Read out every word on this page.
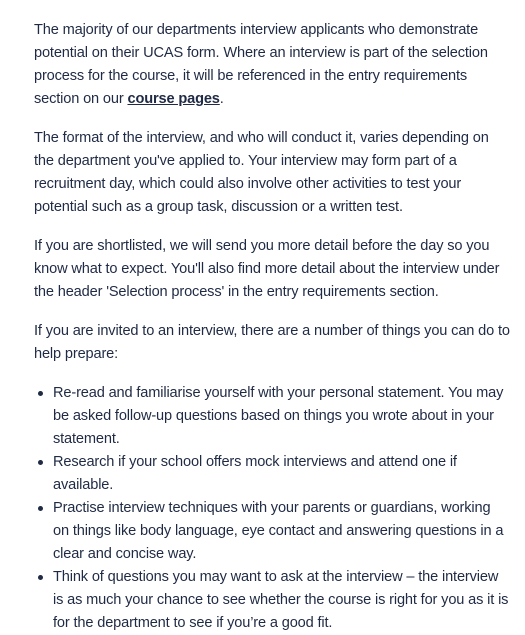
The majority of our departments interview applicants who demonstrate potential on their UCAS form. Where an interview is part of the selection process for the course, it will be referenced in the entry requirements section on our course pages.

The format of the interview, and who will conduct it, varies depending on the department you've applied to. Your interview may form part of a recruitment day, which could also involve other activities to test your potential such as a group task, discussion or a written test.

If you are shortlisted, we will send you more detail before the day so you know what to expect. You'll also find more detail about the interview under the header 'Selection process' in the entry requirements section.

If you are invited to an interview, there are a number of things you can do to help prepare:

Re-read and familiarise yourself with your personal statement. You may be asked follow-up questions based on things you wrote about in your statement.
Research if your school offers mock interviews and attend one if available.
Practise interview techniques with your parents or guardians, working on things like body language, eye contact and answering questions in a clear and concise way.
Think of questions you may want to ask at the interview – the interview is as much your chance to see whether the course is right for you as it is for the department to see if you’re a good fit.
